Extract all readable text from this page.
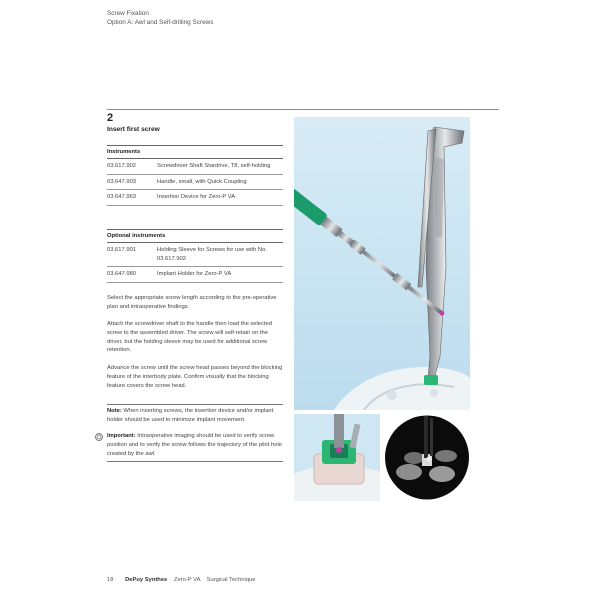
Screw Fixation
Option A: Awl and Self-drilling Screws
2
Insert first screw
Instruments	
03.617.902	Screwdriver Shaft Stardrive, T8, self-holding
03.647.903	Handle, small, with Quick Coupling
03.647.963	Insertion Device for Zero-P VA
Optional instruments	
03.617.901	Holding Sleeve for Screws for use with No. 03.617.902
03.647.980	Implant Holder for Zero-P VA

Select the appropriate screw length according to the pre-operative plan and intraoperative findings.

Attach the screwdriver shaft to the handle then load the selected screw to the assembled driver. The screw will self-retain on the driver, but the holding sleeve may be used for additional screw retention.

Advance the screw until the screw head passes beyond the blocking feature of the interbody plate. Confirm visually that the blocking feature covers the screw head.

Note: When inserting screws, the insertion device and/or implant holder should be used to minimize implant movement.

Important: Intraoperative imaging should be used to verify screw position and to verify the screw follows the trajectory of the pilot hole created by the awl.

18 DePuy Synthes Zero-P VA Surgical Technique
